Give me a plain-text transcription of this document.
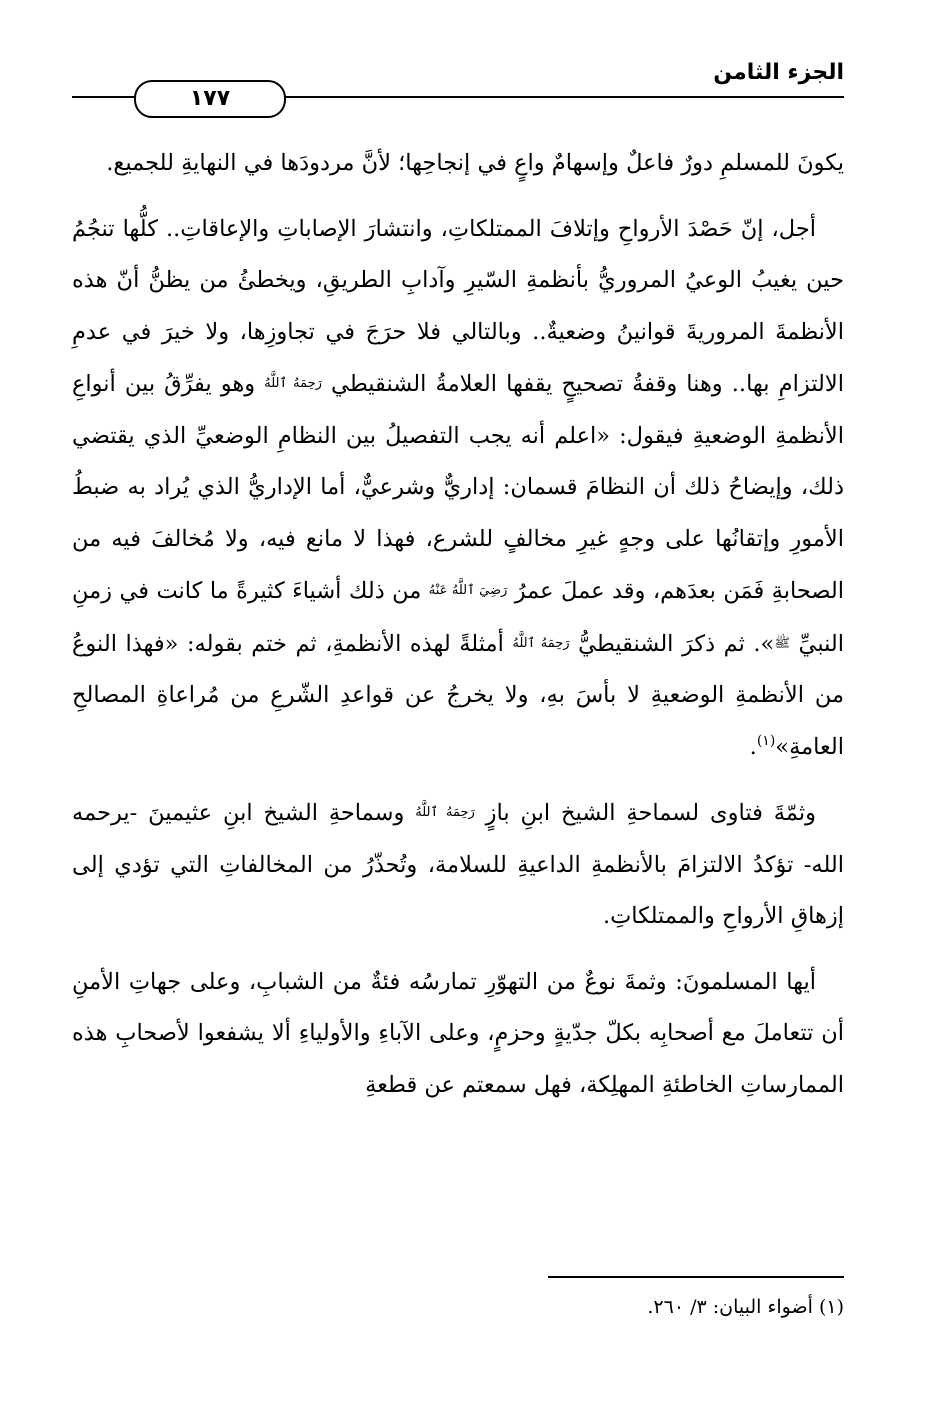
الجزء الثامن
١٧٧

يكونَ للمسلمِ دورٌ فاعلٌ وإسهامٌ واعٍ في إنجاحِها؛ لأنَّ مردودَها في النهايةِ للجميع.

أجل، إنّ حَصْدَ الأرواحِ وإتلافَ الممتلكاتِ، وانتشارَ الإصاباتِ والإعاقاتِ.. كلُّها تنجُمُ حين يغيبُ الوعيُ المروريُّ بأنظمةِ السّيرِ وآدابِ الطريقِ، ويخطئُ من يظنُّ أنّ هذه الأنظمةَ المروريةَ قوانينُ وضعيةٌ.. وبالتالي فلا حرَجَ في تجاوزِها، ولا خيرَ في عدمِ الالتزامِ بها.. وهنا وقفةُ تصحيحٍ يقفها العلامةُ الشنقيطي رَحِمَهُ ٱللَّهُ وهو يفرِّقُ بين أنواعِ الأنظمةِ الوضعيةِ فيقول: «اعلم أنه يجب التفصيلُ بين النظامِ الوضعيِّ الذي يقتضي ذلك، وإيضاحُ ذلك أن النظامَ قسمان: إداريٌّ وشرعيٌّ، أما الإداريُّ الذي يُراد به ضبطُ الأمورِ وإتقانُها على وجهٍ غيرِ مخالفٍ للشرع، فهذا لا مانع فيه، ولا مُخالفَ فيه من الصحابةِ فَمَن بعدَهم، وقد عملَ عمرُ رَضِيَ ٱللَّهُ عَنْهُ من ذلك أشياءَ كثيرةً ما كانت في زمنِ النبيِّ ﷺ». ثم ذكرَ الشنقيطيُّ رَحِمَهُ ٱللَّهُ أمثلةً لهذه الأنظمةِ، ثم ختم بقوله: «فهذا النوعُ من الأنظمةِ الوضعيةِ لا بأسَ بهِ، ولا يخرجُ عن قواعدِ الشّرعِ من مُراعاةِ المصالحِ العامةِ»$^{(١)}$.

وثمّةَ فتاوى لسماحةِ الشيخ ابنِ بازٍ رَحِمَهُ ٱللَّهُ وسماحةِ الشيخ ابنِ عثيمينَ -يرحمه الله- تؤكدُ الالتزامَ بالأنظمةِ الداعيةِ للسلامة، وتُحذّرُ من المخالفاتِ التي تؤدي إلى إزهاقِ الأرواحِ والممتلكاتِ.

أيها المسلمونَ: وثمةَ نوعٌ من التهوّرِ تمارسُه فئةٌ من الشبابِ، وعلى جهاتِ الأمنِ أن تتعاملَ مع أصحابِه بكلّ جدّيةٍ وحزمٍ، وعلى الآباءِ والأولياءِ ألا يشفعوا لأصحابِ هذه الممارساتِ الخاطئةِ المهلِكة، فهل سمعتم عن قطعةِ

(١) أضواء البيان: ٣/ ٢٦٠.
